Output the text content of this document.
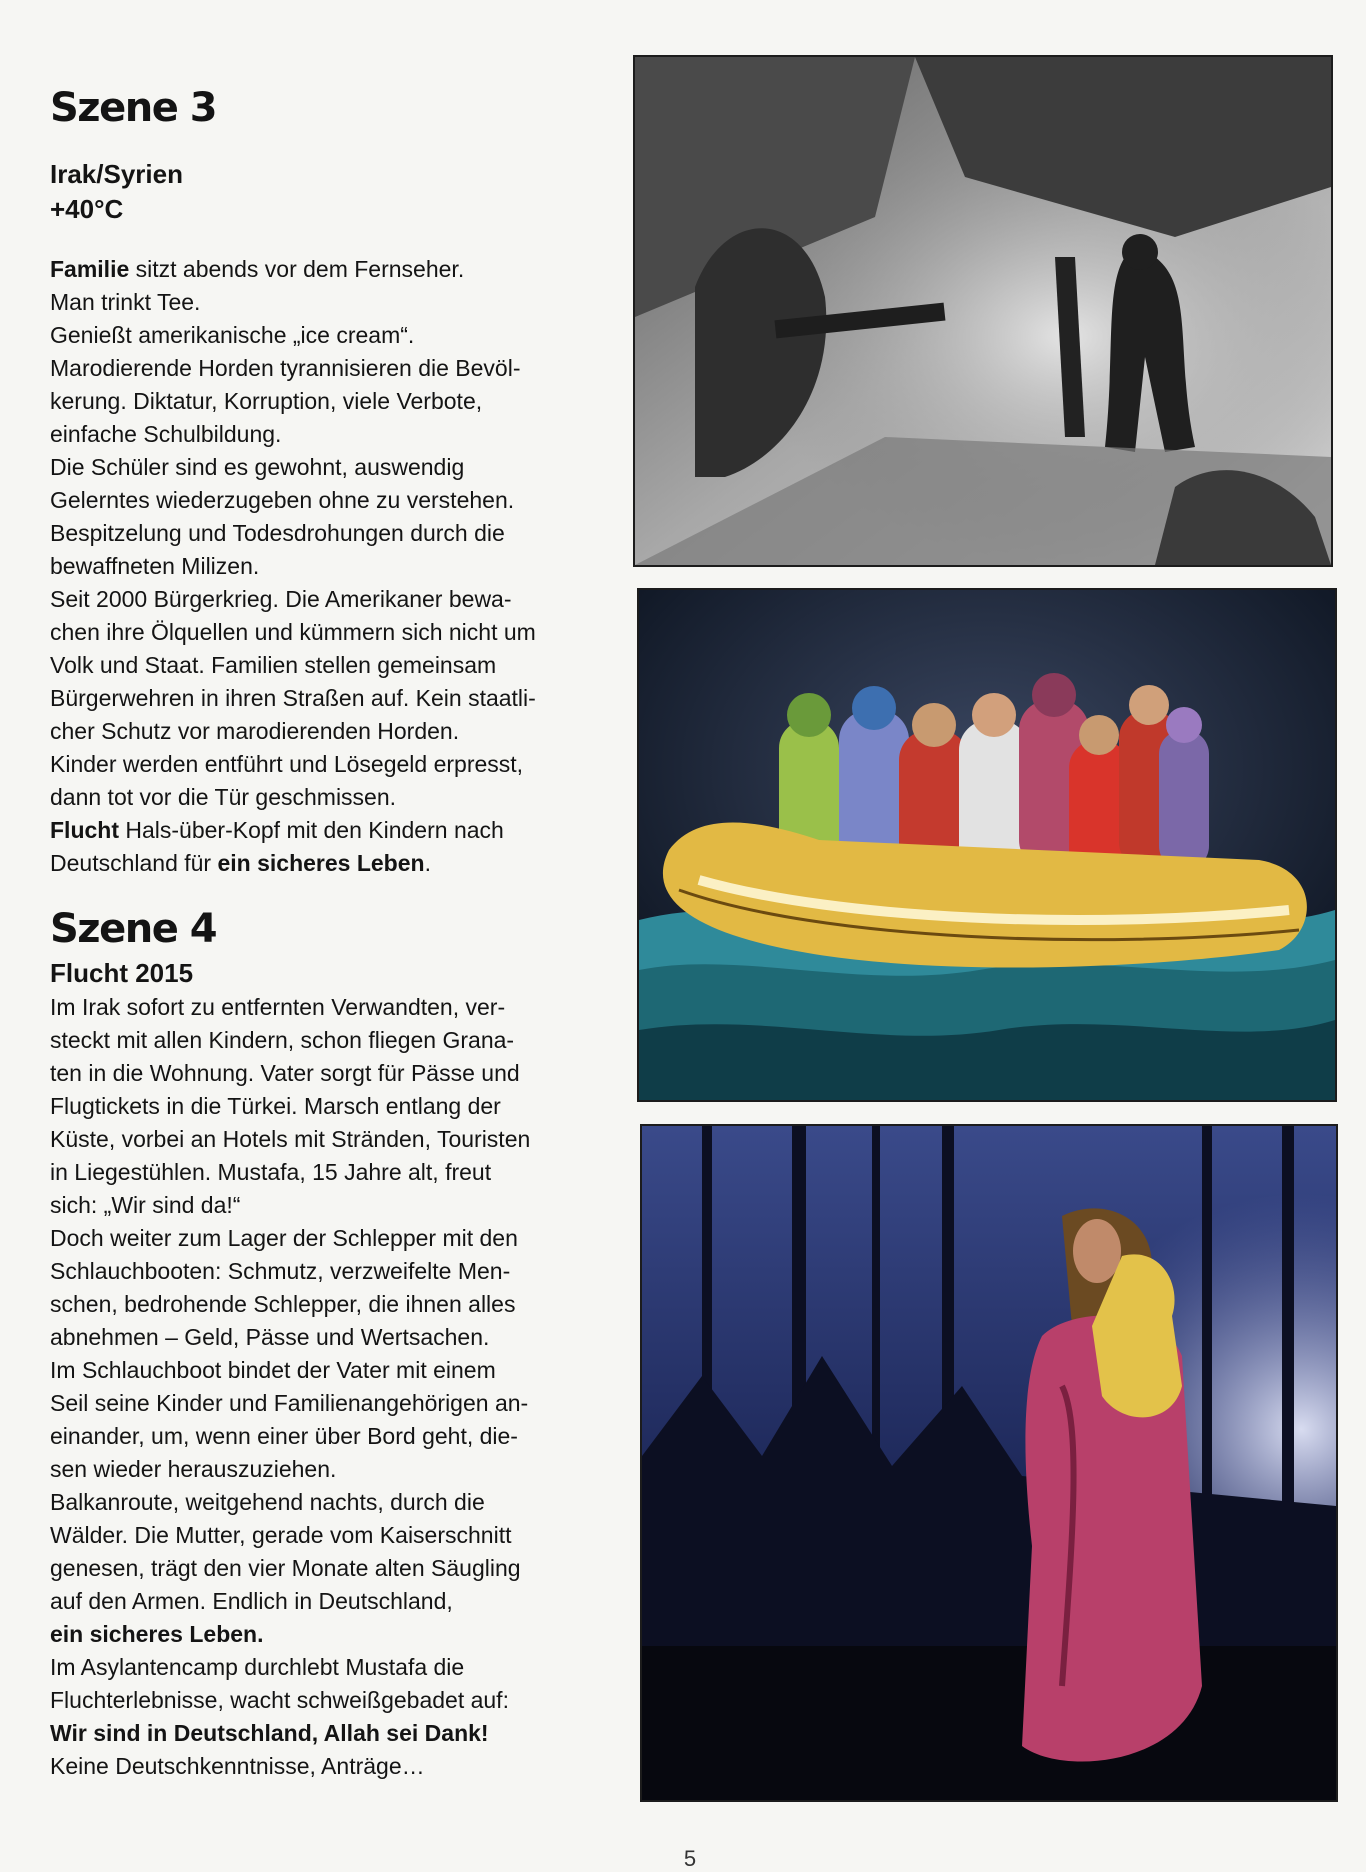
Szene 3

Irak/Syrien

+40°C

Familie sitzt abends vor dem Fernseher.
Man trinkt Tee.
Genießt amerikanische „ice cream“.
Marodierende Horden tyrannisieren die Bevöl-
kerung. Diktatur, Korruption, viele Verbote,
einfache Schulbildung.
Die Schüler sind es gewohnt, auswendig
Gelerntes wiederzugeben ohne zu verstehen.
Bespitzelung und Todesdrohungen durch die
bewaffneten Milizen.
Seit 2000 Bürgerkrieg. Die Amerikaner bewa-
chen ihre Ölquellen und kümmern sich nicht um
Volk und Staat. Familien stellen gemeinsam
Bürgerwehren in ihren Straßen auf. Kein staatli-
cher Schutz vor marodierenden Horden.
Kinder werden entführt und Lösegeld erpresst,
dann tot vor die Tür geschmissen.
Flucht Hals-über-Kopf mit den Kindern nach
Deutschland für ein sicheres Leben.

Szene 4

Flucht 2015

Im Irak sofort zu entfernten Verwandten, ver-
steckt mit allen Kindern, schon fliegen Grana-
ten in die Wohnung. Vater sorgt für Pässe und
Flugtickets in die Türkei. Marsch entlang der
Küste, vorbei an Hotels mit Stränden, Touristen
in Liegestühlen. Mustafa, 15 Jahre alt, freut
sich: „Wir sind da!“
Doch weiter zum Lager der Schlepper mit den
Schlauchbooten: Schmutz, verzweifelte Men-
schen, bedrohende Schlepper, die ihnen alles
abnehmen – Geld, Pässe und Wertsachen.
Im Schlauchboot bindet der Vater mit einem
Seil seine Kinder und Familienangehörigen an-
einander, um, wenn einer über Bord geht, die-
sen wieder herauszuziehen.
Balkanroute, weitgehend nachts, durch die
Wälder. Die Mutter, gerade vom Kaiserschnitt
genesen, trägt den vier Monate alten Säugling
auf den Armen. Endlich in Deutschland,
ein sicheres Leben.
Im Asylantencamp durchlebt Mustafa die
Fluchterlebnisse, wacht schweißgebadet auf:
Wir sind in Deutschland, Allah sei Dank!
Keine Deutschkenntnisse, Anträge…

5
